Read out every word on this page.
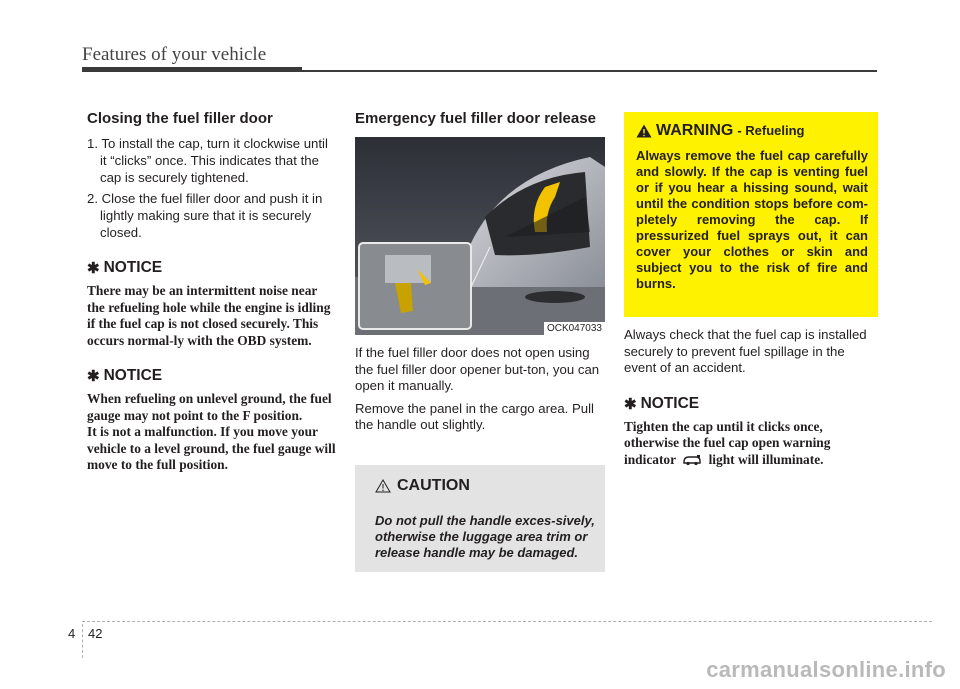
Features of your vehicle
Closing the fuel filler door
1. To install the cap, turn it clockwise until it “clicks” once. This indicates that the cap is securely tightened.
2. Close the fuel filler door and push it in lightly making sure that it is securely closed.
✱ NOTICE

There may be an intermittent noise near the refueling hole while the engine is idling if the fuel cap is not closed securely. This occurs normal-ly with the OBD system.

✱ NOTICE

When refueling on unlevel ground, the fuel gauge may not point to the F position.

It is not a malfunction. If you move your vehicle to a level ground, the fuel gauge will move to the full position.

Emergency fuel filler door release
OCK047033

If the fuel filler door does not open using the fuel filler door opener but-ton, you can open it manually.

Remove the panel in the cargo area. Pull the handle out slightly.

CAUTION
Do not pull the handle exces-sively, otherwise the luggage area trim or release handle may be damaged.
WARNING - Refueling
Always remove the fuel cap carefully and slowly. If the cap is venting fuel or if you hear a hissing sound, wait until the condition stops before com-pletely removing the cap. If pressurized fuel sprays out, it can cover your clothes or skin and subject you to the risk of fire and burns.

Always check that the fuel cap is installed securely to prevent fuel spillage in the event of an accident.

✱ NOTICE

Tighten the cap until it clicks once, otherwise the fuel cap open warning indicator light will illuminate.

4 42
carmanualsonline.info
